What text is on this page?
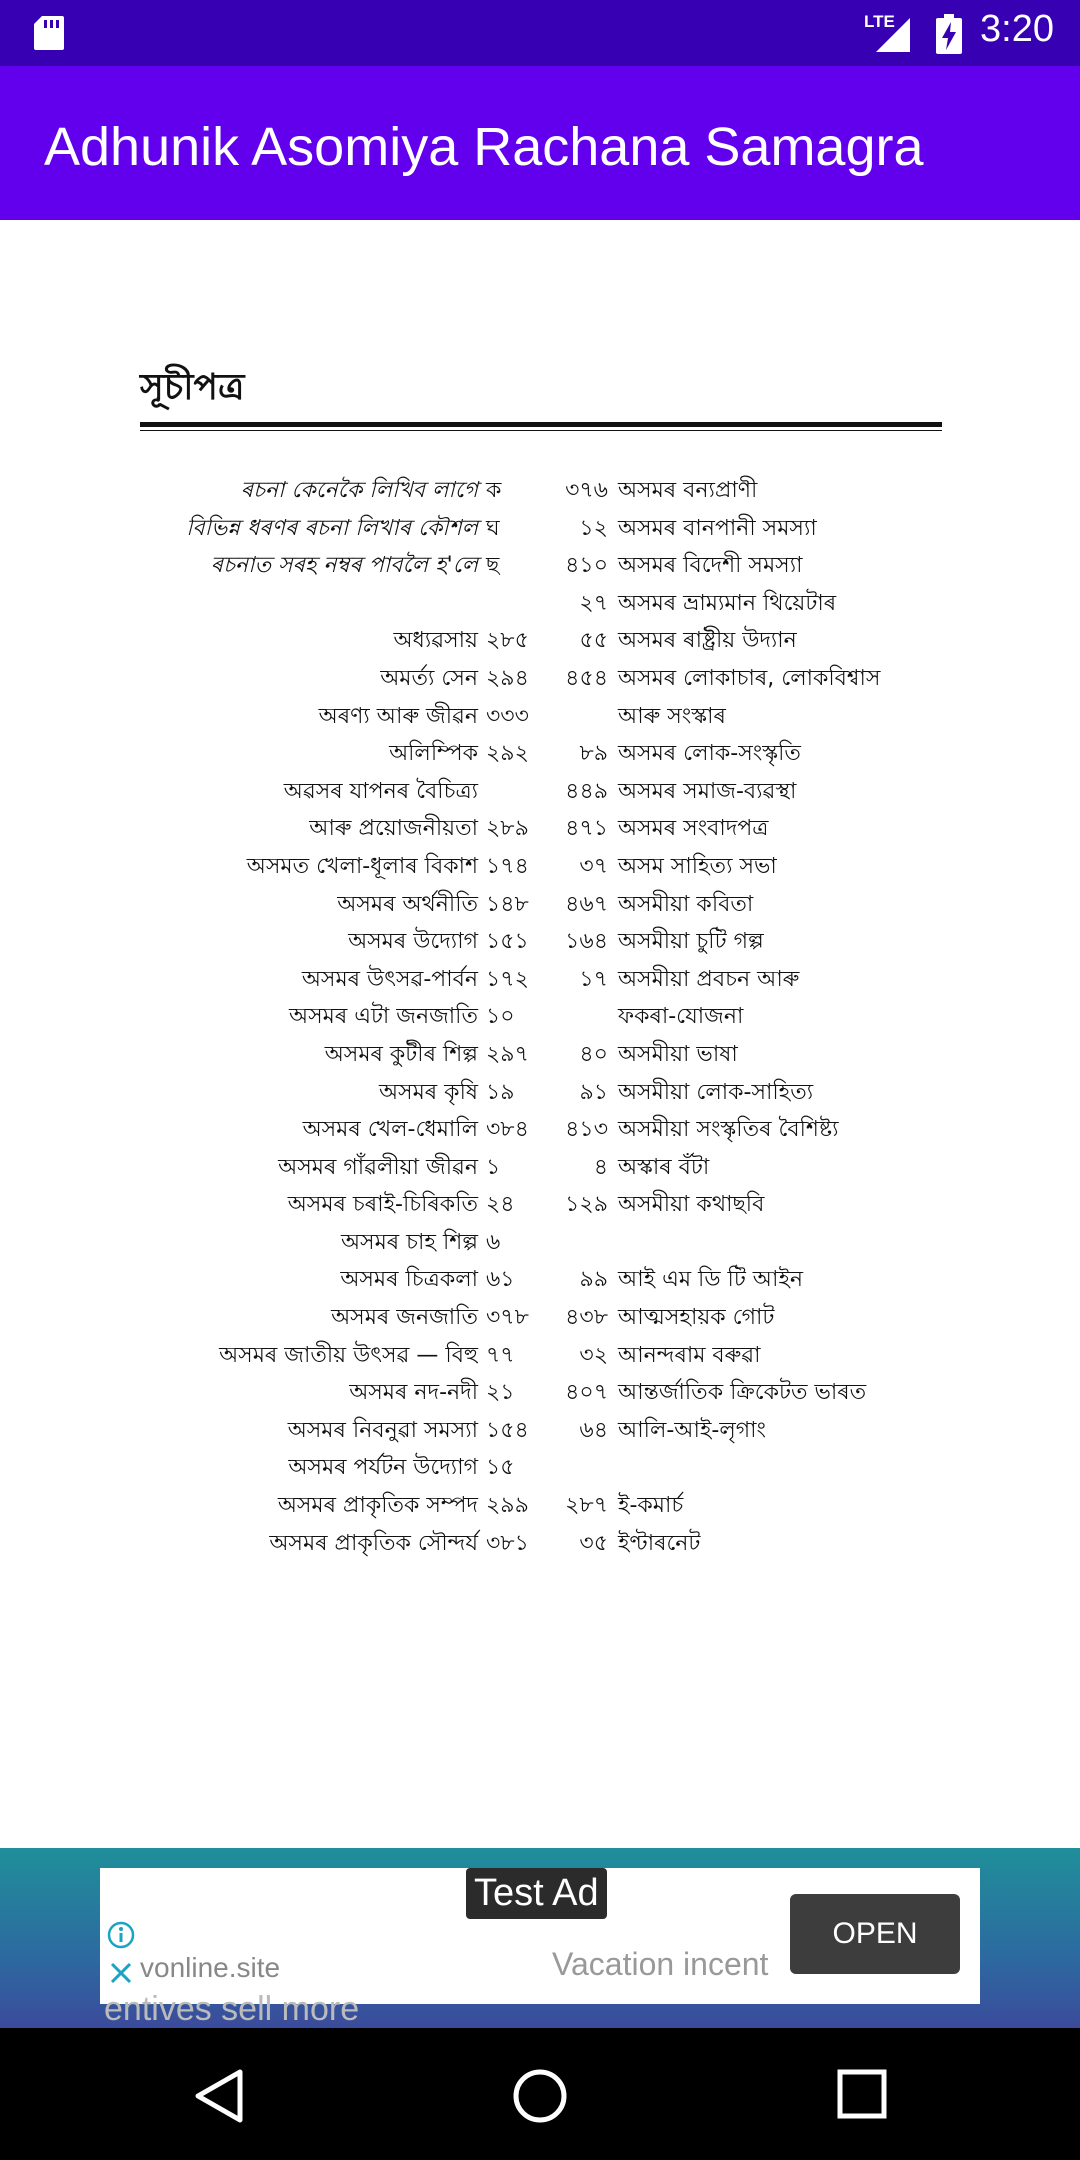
LTE 3:20
Adhunik Asomiya Rachana Samagra
সূচীপত্ৰ
ৰচনা কেনেকৈ লিখিব লাগে ক
বিভিন্ন ধৰণৰ ৰচনা লিখাৰ কৌশল ঘ
ৰচনাত সৰহ নম্বৰ পাবলৈ হ'লে ছ
অধ্যৱসায় ২৮৫
অমৰ্ত্য সেন ২৯৪
অৰণ্য আৰু জীৱন ৩৩৩
অলিম্পিক ২৯২
অৱসৰ যাপনৰ বৈচিত্ৰ্য
আৰু প্ৰয়োজনীয়তা ২৮৯
অসমত খেলা-ধূলাৰ বিকাশ ১৭৪
অসমৰ অৰ্থনীতি ১৪৮
অসমৰ উদ্যোগ ১৫১
অসমৰ উৎসৱ-পাৰ্বন ১৭২
অসমৰ এটা জনজাতি ১০
অসমৰ কুটীৰ শিল্প ২৯৭
অসমৰ কৃষি ১৯
অসমৰ খেল-ধেমালি ৩৮৪
অসমৰ গাঁৱলীয়া জীৱন ১
অসমৰ চৰাই-চিৰিকতি ২৪
অসমৰ চাহ শিল্প ৬
অসমৰ চিত্ৰকলা ৬১
অসমৰ জনজাতি ৩৭৮
অসমৰ জাতীয় উৎসৱ — বিহু ৭৭
অসমৰ নদ-নদী ২১
অসমৰ নিবনুৱা সমস্যা ১৫৪
অসমৰ পৰ্যটন উদ্যোগ ১৫
অসমৰ প্ৰাকৃতিক সম্পদ ২৯৯
অসমৰ প্ৰাকৃতিক সৌন্দৰ্য ৩৮১
৩৭৬ অসমৰ বন্যপ্ৰাণী
১২ অসমৰ বানপানী সমস্যা
৪১০ অসমৰ বিদেশী সমস্যা
২৭ অসমৰ ভ্ৰাম্যমান থিয়েটাৰ
৫৫ অসমৰ ৰাষ্ট্ৰীয় উদ্যান
৪৫৪ অসমৰ লোকাচাৰ, লোকবিশ্বাস
আৰু সংস্কাৰ
৮৯ অসমৰ লোক-সংস্কৃতি
৪৪৯ অসমৰ সমাজ-ব্যৱস্থা
৪৭১ অসমৰ সংবাদপত্ৰ
৩৭ অসম সাহিত্য সভা
৪৬৭ অসমীয়া কবিতা
১৬৪ অসমীয়া চুটি গল্প
১৭ অসমীয়া প্ৰবচন আৰু
ফকৰা-যোজনা
৪০ অসমীয়া ভাষা
৯১ অসমীয়া লোক-সাহিত্য
৪১৩ অসমীয়া সংস্কৃতিৰ বৈশিষ্ট্য
৪ অস্কাৰ বঁটা
১২৯ অসমীয়া কথাছবি
৯৯ আই এম ডি টি আইন
৪৩৮ আত্মসহায়ক গোট
৩২ আনন্দৰাম বৰুৱা
৪০৭ আন্তৰ্জাতিক ক্ৰিকেটত ভাৰত
৬৪ আলি-আই-লৃগাং
২৮৭ ই-কমাৰ্চ
৩৫ ইণ্টাৰনেট
Test Ad
vonline.site
entives sell more
Vacation incent
OPEN
